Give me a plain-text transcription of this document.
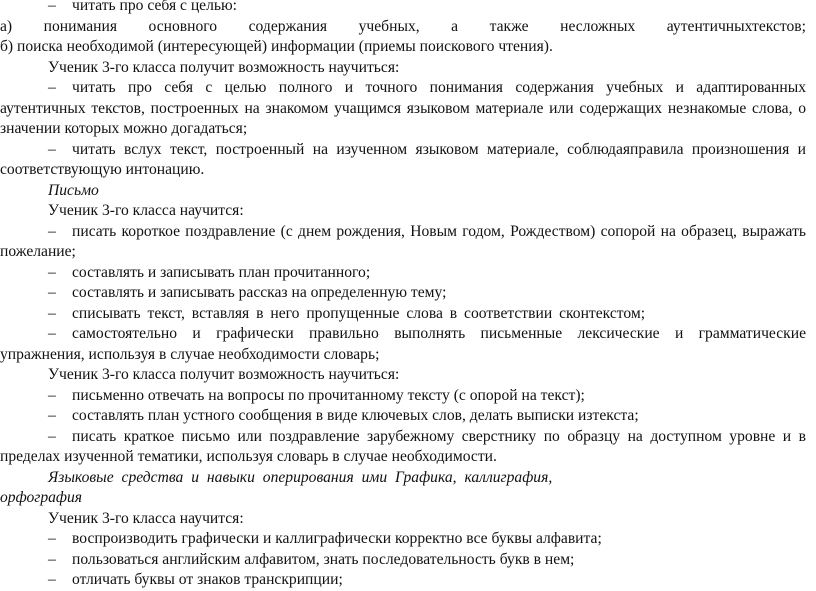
–	читать про себя с целью:
а) понимания основного содержания учебных, а также несложных аутентичныхтекстов;
б) поиска необходимой (интересующей) информации (приемы поискового чтения).
Ученик 3-го класса получит возможность научиться:
–	читать про себя с целью полного и точного понимания содержания учебных и адаптированных
аутентичных текстов, построенных на знакомом учащимся языковом материале или содержащих незнакомые слова, о
значении которых можно догадаться;
–	читать вслух текст, построенный на изученном языковом материале, соблюдаяправила произношения и
соответствующую интонацию.
Письмо
Ученик 3-го класса научится:
–	писать короткое поздравление (с днем рождения, Новым годом, Рождеством) сопорой на образец, выражать
пожелание;
–	составлять и записывать план прочитанного;
–	составлять и записывать рассказ на определенную тему;
–	списывать текст, вставляя в него пропущенные слова в соответствии сконтекстом;
–	самостоятельно и графически правильно выполнять письменные лексические и грамматические
упражнения, используя в случае необходимости словарь;
Ученик 3-го класса получит возможность научиться:
–	письменно отвечать на вопросы по прочитанному тексту (с опорой на текст);
–	составлять план устного сообщения в виде ключевых слов, делать выписки изтекста;
–	писать краткое письмо или поздравление зарубежному сверстнику по образцу на доступном уровне и в
пределах изученной тематики, используя словарь в случае необходимости.
Языковые средства и навыки оперирования ими Графика, каллиграфия,
орфография
Ученик 3-го класса научится:
–	воспроизводить графически и каллиграфически корректно все буквы алфавита;
–	пользоваться английским алфавитом, знать последовательность букв в нем;
–	отличать буквы от знаков транскрипции;
